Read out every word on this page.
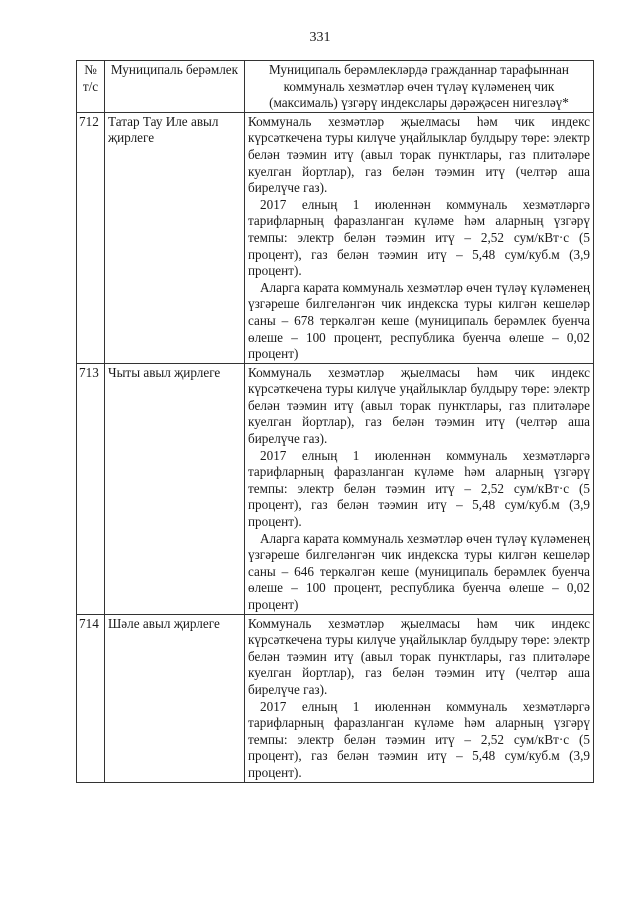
331
№ т/с	Муниципаль берәмлек	Муниципаль берәмлекләрдә гражданнар тарафыннан коммуналь хезмәтләр өчен түләү күләменең чик (максималь) үзгәрү индекслары дәрәҗәсен нигезләү*
712	Татар Тау Иле авыл җирлеге	Коммуналь хезмәтләр җыелмасы һәм чик индекс күрсәткечена туры килүче уңайлыклар булдыру төре: электр белән тәэмин итү (авыл торак пунктлары, газ плитәләре куелган йортлар), газ белән тәэмин итү (челтәр аша бирелүче газ).

2017 елның 1 июленнән коммуналь хезмәтләргә тарифларның фаразланган күләме һәм аларның үзгәрү темпы: электр белән тәэмин итү – 2,52 сум/кВт·с (5 процент), газ белән тәэмин итү – 5,48 сум/куб.м (3,9 процент).

Аларга карата коммуналь хезмәтләр өчен түләү күләменең үзгәреше билгеләнгән чик индекска туры килгән кешеләр саны – 678 теркәлгән кеше (муниципаль берәмлек буенча өлеше – 100 процент, республика буенча өлеше – 0,02 процент)

713	Чыты авыл җирлеге	Коммуналь хезмәтләр җыелмасы һәм чик индекс күрсәткечена туры килүче уңайлыклар булдыру төре: электр белән тәэмин итү (авыл торак пунктлары, газ плитәләре куелган йортлар), газ белән тәэмин итү (челтәр аша бирелүче газ).

2017 елның 1 июленнән коммуналь хезмәтләргә тарифларның фаразланган күләме һәм аларның үзгәрү темпы: электр белән тәэмин итү – 2,52 сум/кВт·с (5 процент), газ белән тәэмин итү – 5,48 сум/куб.м (3,9 процент).

Аларга карата коммуналь хезмәтләр өчен түләү күләменең үзгәреше билгеләнгән чик индекска туры килгән кешеләр саны – 646 теркәлгән кеше (муниципаль берәмлек буенча өлеше – 100 процент, республика буенча өлеше – 0,02 процент)

714	Шәле авыл җирлеге	Коммуналь хезмәтләр җыелмасы һәм чик индекс күрсәткечена туры килүче уңайлыклар булдыру төре: электр белән тәэмин итү (авыл торак пунктлары, газ плитәләре куелган йортлар), газ белән тәэмин итү (челтәр аша бирелүче газ).

2017 елның 1 июленнән коммуналь хезмәтләргә тарифларның фаразланган күләме һәм аларның үзгәрү темпы: электр белән тәэмин итү – 2,52 сум/кВт·с (5 процент), газ белән тәэмин итү – 5,48 сум/куб.м (3,9 процент).
